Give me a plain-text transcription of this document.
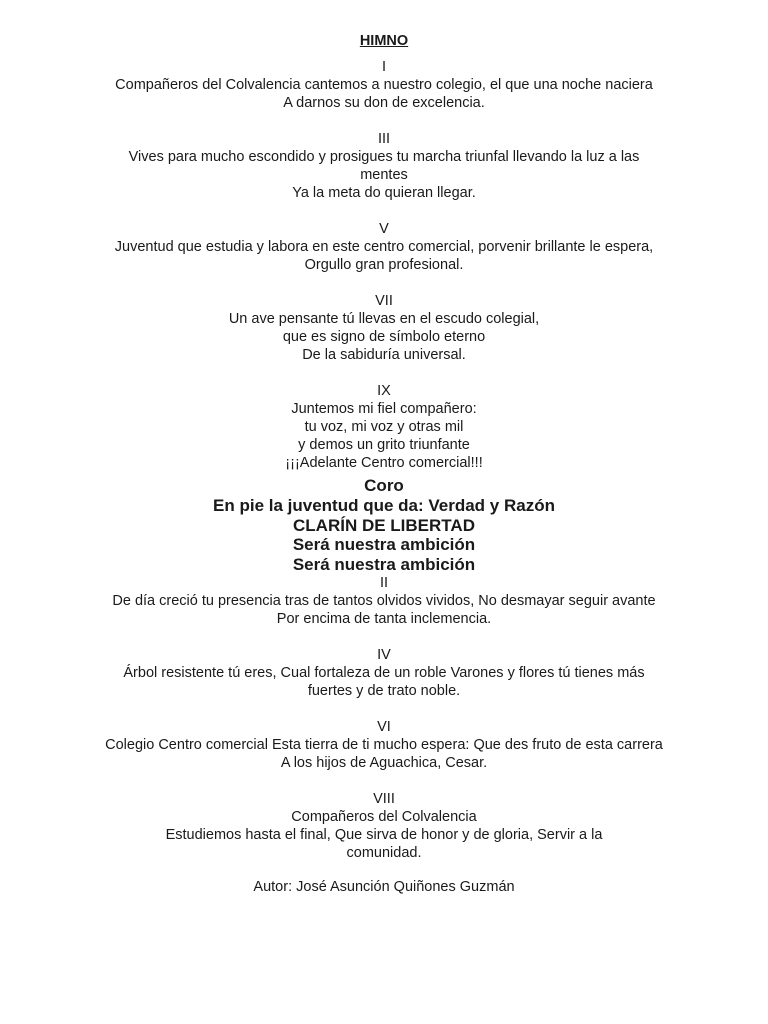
HIMNO
I
Compañeros del Colvalencia cantemos a nuestro colegio, el que una noche naciera
A darnos su don de excelencia.
III
Vives para mucho escondido y prosigues tu marcha triunfal llevando la luz a las mentes
Ya la meta do quieran llegar.
V
Juventud que estudia y labora en este centro comercial, porvenir brillante le espera, Orgullo gran profesional.
VII
Un ave pensante tú llevas en el escudo colegial,
que es signo de símbolo eterno
De la sabiduría universal.
IX
Juntemos mi fiel compañero:
tu voz, mi voz y otras mil
y demos un grito triunfante
¡¡¡Adelante Centro comercial!!!
Coro
En pie la juventud que da: Verdad y Razón
CLARÍN DE LIBERTAD
Será nuestra ambición
Será nuestra ambición
II
De día creció tu presencia tras de tantos olvidos vividos, No desmayar seguir avante
Por encima de tanta inclemencia.
IV
Árbol resistente tú eres, Cual fortaleza de un roble Varones y flores tú tienes más fuertes y de trato noble.
VI
Colegio Centro comercial Esta tierra de ti mucho espera: Que des fruto de esta carrera
A los hijos de Aguachica, Cesar.
VIII
Compañeros del Colvalencia
Estudiemos hasta el final, Que sirva de honor y de gloria, Servir a la comunidad.
Autor: José Asunción Quiñones Guzmán
